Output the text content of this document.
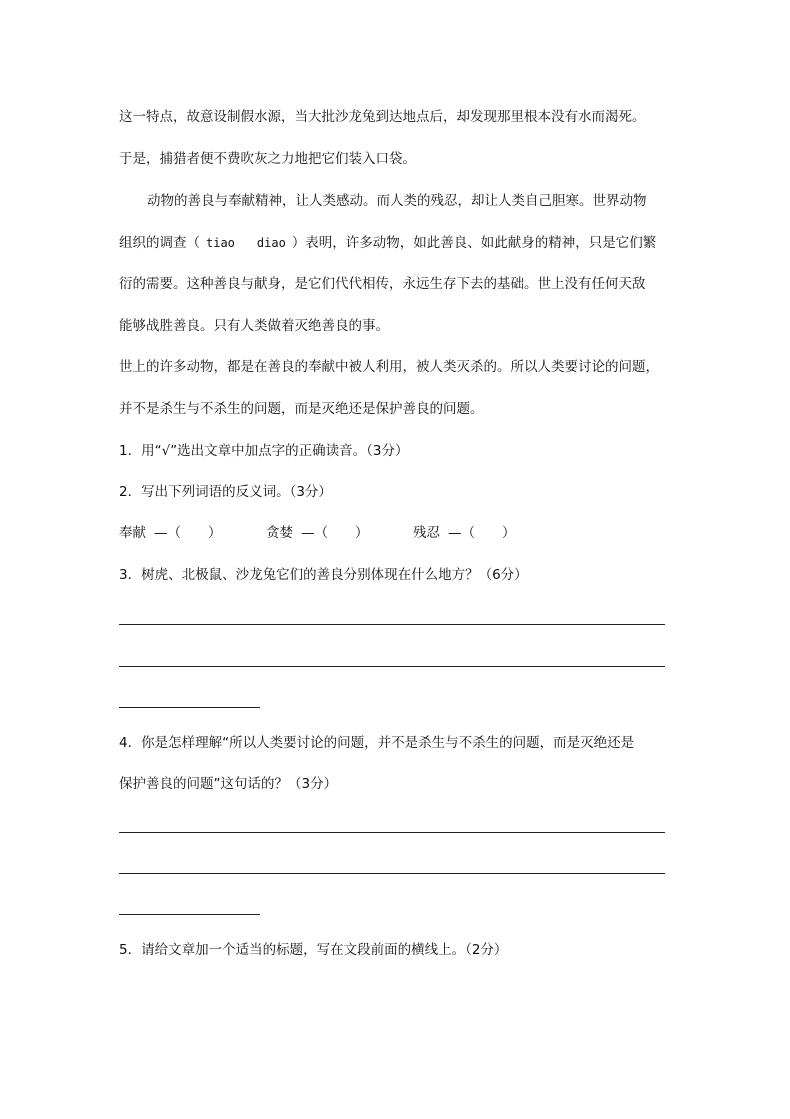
这一特点，故意设制假水源，当大批沙龙兔到达地点后，却发现那里根本没有水而渴死。
于是，捕猎者便不费吹灰之力地把它们装入口袋。
动物的善良与奉献精神，让人类感动。而人类的残忍，却让人类自己胆寒。世界动物
组织的调查（ tiao diao ）表明，许多动物，如此善良、如此献身的精神，只是它们繁
衍的需要。这种善良与献身，是它们代代相传，永远生存下去的基础。世上没有任何天敌
能够战胜善良。只有人类做着灭绝善良的事。
世上的许多动物，都是在善良的奉献中被人利用，被人类灭杀的。所以人类要讨论的问题，
并不是杀生与不杀生的问题，而是灭绝还是保护善良的问题。
1．用“√”选出文章中加点字的正确读音。（3分）
2．写出下列词语的反义词。（3分）
奉献 —（　　）	贪婪 —（　　）	残忍 —（　　）
3．树虎、北极鼠、沙龙兔它们的善良分别体现在什么地方？（6分）
4．你是怎样理解“所以人类要讨论的问题，并不是杀生与不杀生的问题，而是灭绝还是
保护善良的问题”这句话的？（3分）
5．请给文章加一个适当的标题，写在文段前面的横线上。（2分）
